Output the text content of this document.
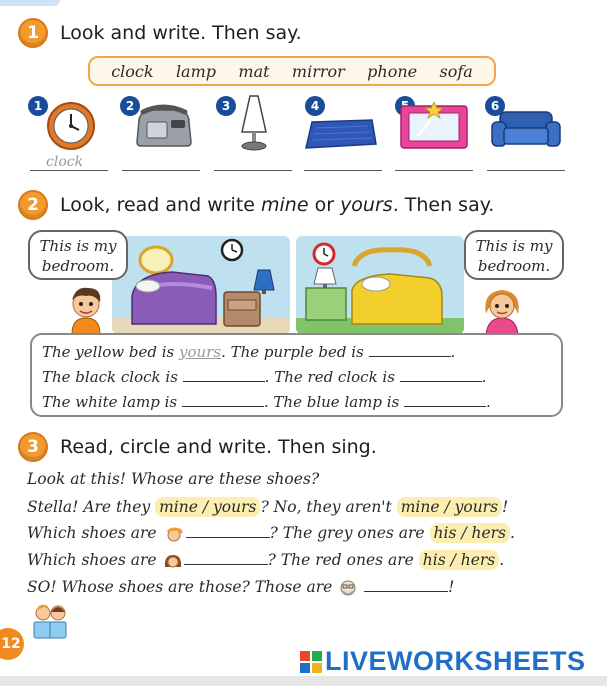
1	Look and write. Then say.
clock lamp mat mirror phone sofa
1
clock
2	3	4	6
2	Look, read and write mine or yours. Then say.
This is my bedroom.
This is my bedroom.
The yellow bed is yours. The purple bed is	.
The black clock is	. The red clock is	.
The white lamp is	. The blue lamp is	.
3	Read, circle and write. Then sing.
Look at this! Whose are these shoes?
Stella! Are they mine / yours ? No, they aren't mine / yours !
Which shoes are	? The grey ones are his / hers .
Which shoes are	? The red ones are his / hers .
SO! Whose shoes are those? Those are	!
12
LIVEWORKSHEETS
